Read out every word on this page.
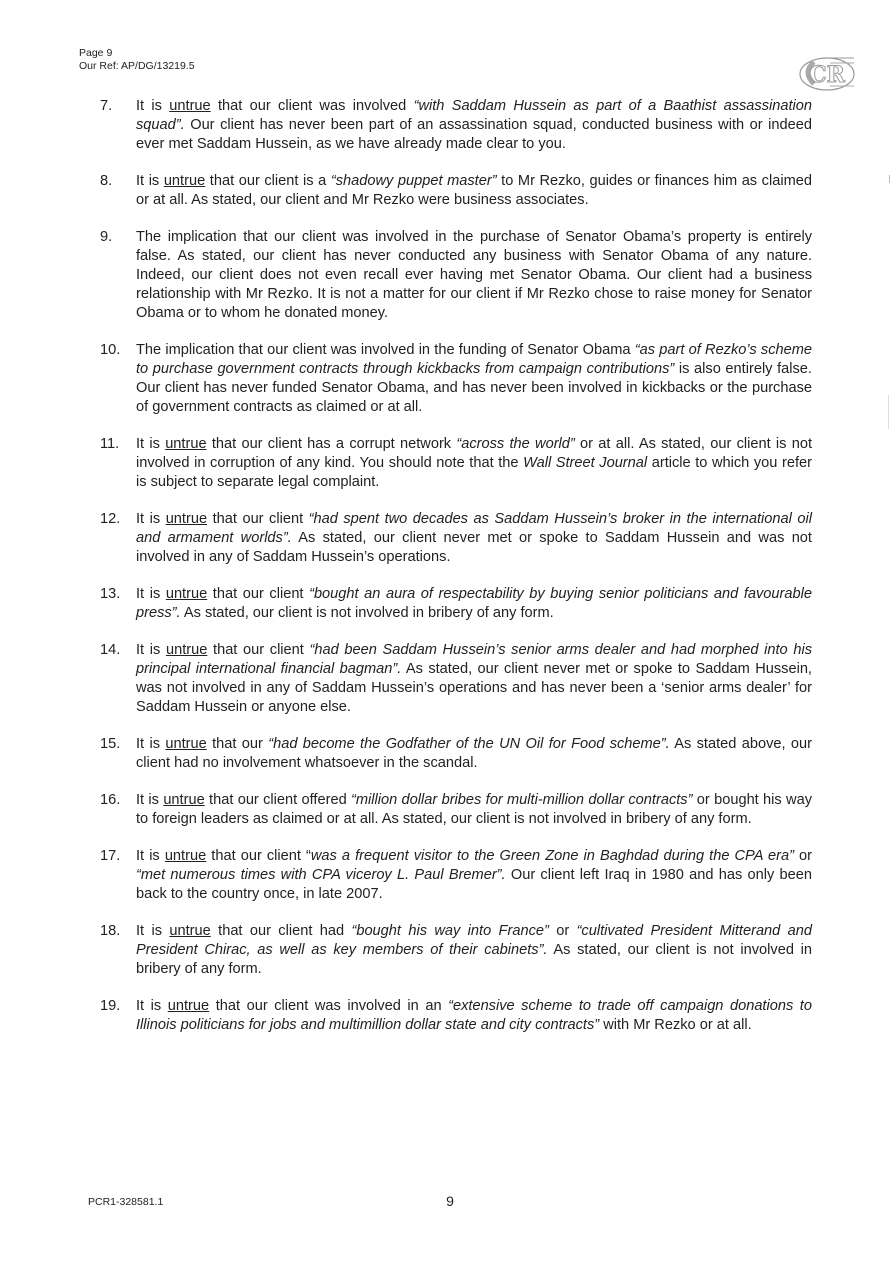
Page 9
Our Ref: AP/DG/13219.5	CR
7.	It is untrue that our client was involved “with Saddam Hussein as part of a Baathist assassination squad”. Our client has never been part of an assassination squad, conducted business with or indeed ever met Saddam Hussein, as we have already made clear to you.
8.	It is untrue that our client is a “shadowy puppet master” to Mr Rezko, guides or finances him as claimed or at all. As stated, our client and Mr Rezko were business associates.
9.	The implication that our client was involved in the purchase of Senator Obama’s property is entirely false. As stated, our client has never conducted any business with Senator Obama of any nature. Indeed, our client does not even recall ever having met Senator Obama. Our client had a business relationship with Mr Rezko. It is not a matter for our client if Mr Rezko chose to raise money for Senator Obama or to whom he donated money.
10.	The implication that our client was involved in the funding of Senator Obama “as part of Rezko’s scheme to purchase government contracts through kickbacks from campaign contributions” is also entirely false. Our client has never funded Senator Obama, and has never been involved in kickbacks or the purchase of government contracts as claimed or at all.
11.	It is untrue that our client has a corrupt network “across the world” or at all. As stated, our client is not involved in corruption of any kind. You should note that the Wall Street Journal article to which you refer is subject to separate legal complaint.
12.	It is untrue that our client “had spent two decades as Saddam Hussein’s broker in the international oil and armament worlds”. As stated, our client never met or spoke to Saddam Hussein and was not involved in any of Saddam Hussein’s operations.
13.	It is untrue that our client “bought an aura of respectability by buying senior politicians and favourable press”. As stated, our client is not involved in bribery of any form.
14.	It is untrue that our client “had been Saddam Hussein’s senior arms dealer and had morphed into his principal international financial bagman”. As stated, our client never met or spoke to Saddam Hussein, was not involved in any of Saddam Hussein’s operations and has never been a ‘senior arms dealer’ for Saddam Hussein or anyone else.
15.	It is untrue that our “had become the Godfather of the UN Oil for Food scheme”. As stated above, our client had no involvement whatsoever in the scandal.
16.	It is untrue that our client offered “million dollar bribes for multi-million dollar contracts” or bought his way to foreign leaders as claimed or at all. As stated, our client is not involved in bribery of any form.
17.	It is untrue that our client “was a frequent visitor to the Green Zone in Baghdad during the CPA era” or “met numerous times with CPA viceroy L. Paul Bremer”. Our client left Iraq in 1980 and has only been back to the country once, in late 2007.
18.	It is untrue that our client had “bought his way into France” or “cultivated President Mitterand and President Chirac, as well as key members of their cabinets”. As stated, our client is not involved in bribery of any form.
19.	It is untrue that our client was involved in an “extensive scheme to trade off campaign donations to Illinois politicians for jobs and multimillion dollar state and city contracts” with Mr Rezko or at all.
PCR1-328581.1	9
